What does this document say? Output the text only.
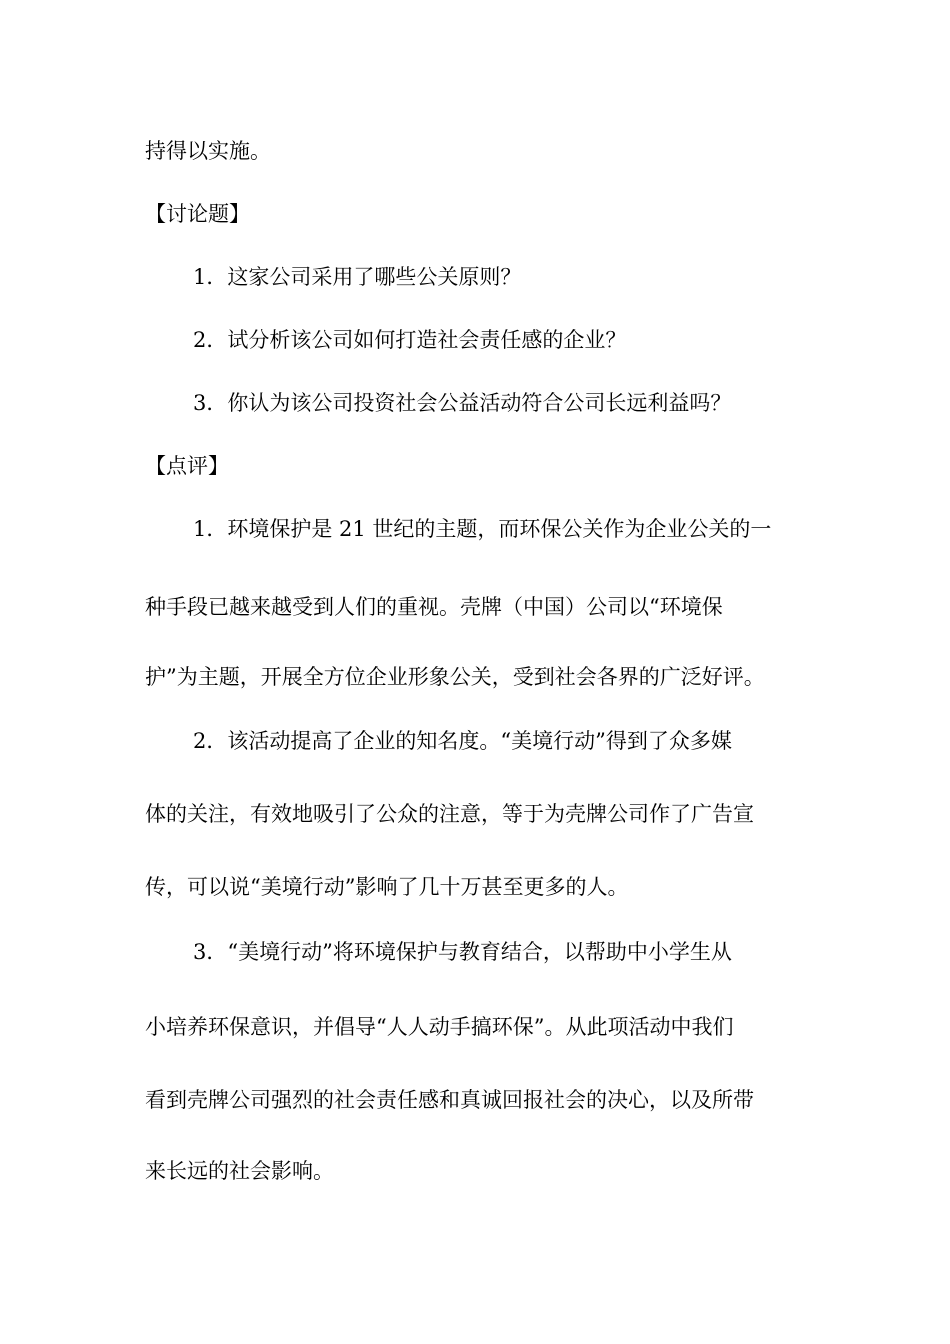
持得以实施。
【讨论题】
1．这家公司采用了哪些公关原则？
2．试分析该公司如何打造社会责任感的企业？
3．你认为该公司投资社会公益活动符合公司长远利益吗？
【点评】
1．环境保护是 21 世纪的主题，而环保公关作为企业公关的一
种手段已越来越受到人们的重视。壳牌（中国）公司以“环境保
护”为主题，开展全方位企业形象公关，受到社会各界的广泛好评。
2．该活动提高了企业的知名度。“美境行动”得到了众多媒
体的关注，有效地吸引了公众的注意，等于为壳牌公司作了广告宣
传，可以说“美境行动”影响了几十万甚至更多的人。
3．“美境行动”将环境保护与教育结合，以帮助中小学生从
小培养环保意识，并倡导“人人动手搞环保”。从此项活动中我们
看到壳牌公司强烈的社会责任感和真诚回报社会的决心，以及所带
来长远的社会影响。
